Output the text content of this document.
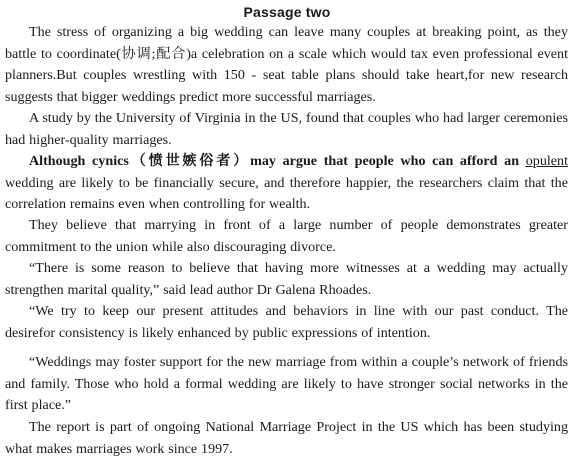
Passage two

The stress of organizing a big wedding can leave many couples at breaking point, as they battle to coordinate(协调;配合)a celebration on a scale which would tax even professional event planners.But couples wrestling with 150 - seat table plans should take heart,for new research suggests that bigger weddings predict more successful marriages.

A study by the University of Virginia in the US, found that couples who had larger ceremonies had higher-quality marriages.

Although cynics（愤世嫉俗者）may argue that people who can afford an opulent wedding are likely to be financially secure, and therefore happier, the researchers claim that the correlation remains even when controlling for wealth.

They believe that marrying in front of a large number of people demonstrates greater commitment to the union while also discouraging divorce.

“There is some reason to believe that having more witnesses at a wedding may actually strengthen marital quality,” said lead author Dr Galena Rhoades.

“We try to keep our present attitudes and behaviors in line with our past conduct. The desirefor consistency is likely enhanced by public expressions of intention.

“Weddings may foster support for the new marriage from within a couple’s network of friends and family. Those who hold a formal wedding are likely to have stronger social networks in the first place.”

The report is part of ongoing National Marriage Project in the US which has been studying what makes marriages work since 1997.
